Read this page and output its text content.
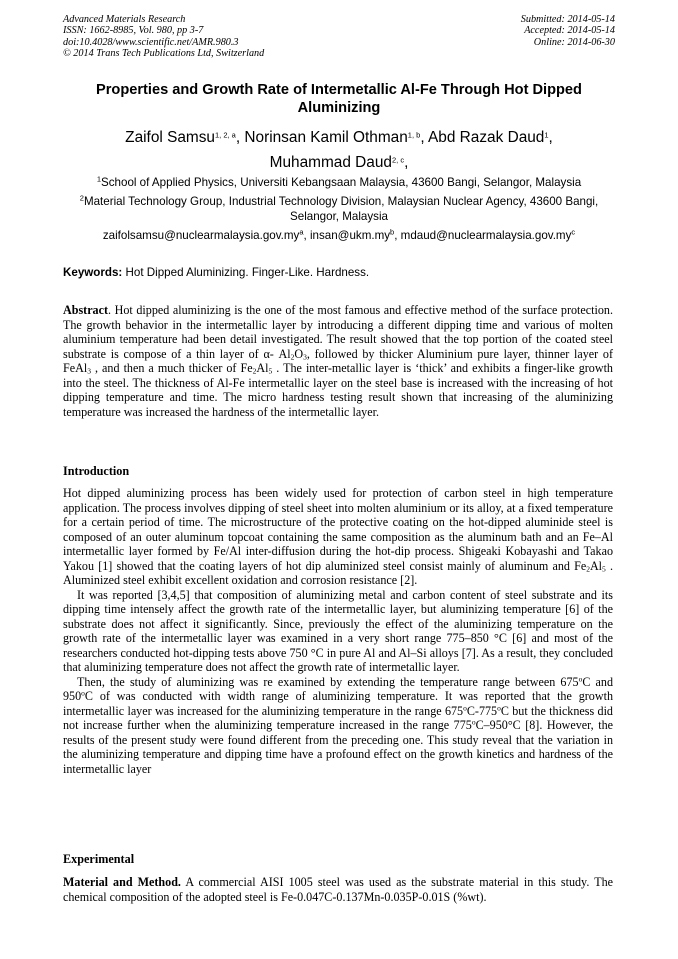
Advanced Materials Research
ISSN: 1662-8985, Vol. 980, pp 3-7
doi:10.4028/www.scientific.net/AMR.980.3
© 2014 Trans Tech Publications Ltd, Switzerland
Submitted: 2014-05-14
Accepted: 2014-05-14
Online: 2014-06-30
Properties and Growth Rate of Intermetallic Al-Fe Through Hot Dipped Aluminizing
Zaifol Samsu$^{1, 2, a}$, Norinsan Kamil Othman$^{1, b}$, Abd Razak Daud$^1$,
Muhammad Daud$^{2, c}$,
$^1$School of Applied Physics, Universiti Kebangsaan Malaysia, 43600 Bangi, Selangor, Malaysia
$^2$Material Technology Group, Industrial Technology Division, Malaysian Nuclear Agency, 43600 Bangi, Selangor, Malaysia
$zaifolsamsu@nuclearmalaysia.gov.my^a$, $insan@ukm.my^b$, $mdaud@nuclearmalaysia.gov.my^c$
Keywords: Hot Dipped Aluminizing. Finger-Like. Hardness.

Abstract. Hot dipped aluminizing is the one of the most famous and effective method of the surface protection. The growth behavior in the intermetallic layer by introducing a different dipping time and various of molten aluminium temperature had been detail investigated. The result showed that the top portion of the coated steel substrate is compose of a thin layer of α- $Al_2O_3$, followed by thicker Aluminium pure layer, thinner layer of FeAl$_3$ , and then a much thicker of $Fe_2Al_5$ . The inter-metallic layer is ‘thick’ and exhibits a finger-like growth into the steel. The thickness of Al-Fe intermetallic layer on the steel base is increased with the increasing of hot dipping temperature and time. The micro hardness testing result shown that increasing of the aluminizing temperature was increased the hardness of the intermetallic layer.

Introduction

Hot dipped aluminizing process has been widely used for protection of carbon steel in high temperature application. The process involves dipping of steel sheet into molten aluminium or its alloy, at a fixed temperature for a certain period of time. The microstructure of the protective coating on the hot-dipped aluminide steel is composed of an outer aluminum topcoat containing the same composition as the aluminum bath and an Fe–Al intermetallic layer formed by Fe/Al inter-diffusion during the hot-dip process. Shigeaki Kobayashi and Takao Yakou [1] showed that the coating layers of hot dip aluminized steel consist mainly of aluminum and $Fe_2Al_5$ . Aluminized steel exhibit excellent oxidation and corrosion resistance [2].

It was reported [3,4,5] that composition of aluminizing metal and carbon content of steel substrate and its dipping time intensely affect the growth rate of the intermetallic layer, but aluminizing temperature [6] of the substrate does not affect it significantly. Since, previously the effect of the aluminizing temperature on the growth rate of the intermetallic layer was examined in a very short range 775–850 °C [6] and most of the researchers conducted hot-dipping tests above 750 °C in pure Al and Al–Si alloys [7]. As a result, they concluded that aluminizing temperature does not affect the growth rate of intermetallic layer.

Then, the study of aluminizing was re examined by extending the temperature range between 675$^o$C and 950$^o$C of was conducted with width range of aluminizing temperature. It was reported that the growth intermetallic layer was increased for the aluminizing temperature in the range 675$^o$C-775$^o$C but the thickness did not increase further when the aluminizing temperature increased in the range 775$^o$C–950°C [8]. However, the results of the present study were found different from the preceding one. This study reveal that the variation in the aluminizing temperature and dipping time have a profound effect on the growth kinetics and hardness of the intermetallic layer

Experimental

Material and Method. A commercial AISI 1005 steel was used as the substrate material in this study. The chemical composition of the adopted steel is Fe-0.047C-0.137Mn-0.035P-0.01S (%wt).
